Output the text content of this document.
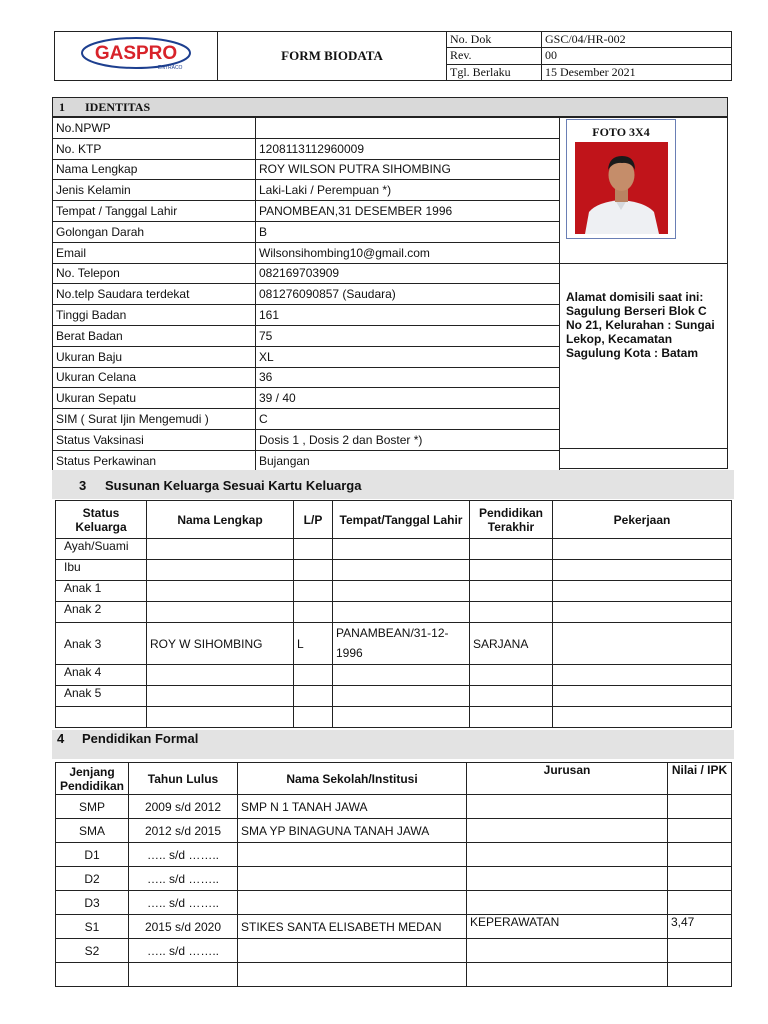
GASPRO
ENTRACO	FORM BIODATA	No. Dok	GSC/04/HR-002
		Rev.	00
		Tgl. Berlaku	15 Desember 2021
1 IDENTITAS
No.NPWP	
No. KTP	1208113112960009
Nama Lengkap	ROY WILSON PUTRA SIHOMBING
Jenis Kelamin	Laki-Laki / Perempuan *)
Tempat / Tanggal Lahir	PANOMBEAN,31 DESEMBER 1996
Golongan Darah	B
Email	Wilsonsihombing10@gmail.com
No. Telepon	082169703909
No.telp Saudara terdekat	081276090857 (Saudara)
Tinggi Badan	161
Berat Badan	75
Ukuran Baju	XL
Ukuran Celana	36
Ukuran Sepatu	39 / 40
SIM ( Surat Ijin Mengemudi )	C
Status Vaksinasi	Dosis 1 , Dosis 2 dan Boster *)
Status Perkawinan	Bujangan
FOTO 3X4
Alamat domisili saat ini: Sagulung Berseri Blok C No 21, Kelurahan : Sungai Lekop, Kecamatan Sagulung Kota : Batam
3 Susunan Keluarga Sesuai Kartu Keluarga
Status Keluarga	Nama Lengkap	L/P	Tempat/Tanggal Lahir	Pendidikan Terakhir	Pekerjaan
Ayah/Suami					
Ibu					
Anak 1					
Anak 2					
Anak 3	ROY W SIHOMBING	L	PANAMBEAN/31-12-1996	SARJANA	
Anak 4					
Anak 5					

4 Pendidikan Formal
Jenjang Pendidikan	Tahun Lulus	Nama Sekolah/Institusi	Jurusan	Nilai / IPK
SMP	2009 s/d 2012	SMP N 1 TANAH JAWA		
SMA	2012 s/d 2015	SMA YP BINAGUNA TANAH JAWA		
D1	….. s/d ……..			
D2	….. s/d ……..			
D3	….. s/d ……..			
S1	2015 s/d 2020	STIKES SANTA ELISABETH MEDAN	KEPERAWATAN	3,47
S2	….. s/d ……..			
